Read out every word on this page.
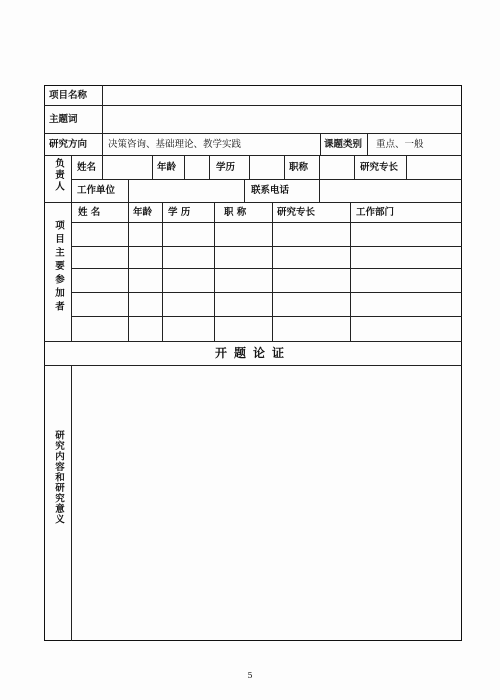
项目名称
主题词
研究方向 决策咨询、基础理论、教学实践	课题类别 重点、一般
负责人 姓名	年龄	学历	职称	研究专长
工作单位	联系电话
项目主要参加者
姓 名	年龄 学 历	职 称	研究专长	工作部门
开题论证
研究内容和研究意义
5
